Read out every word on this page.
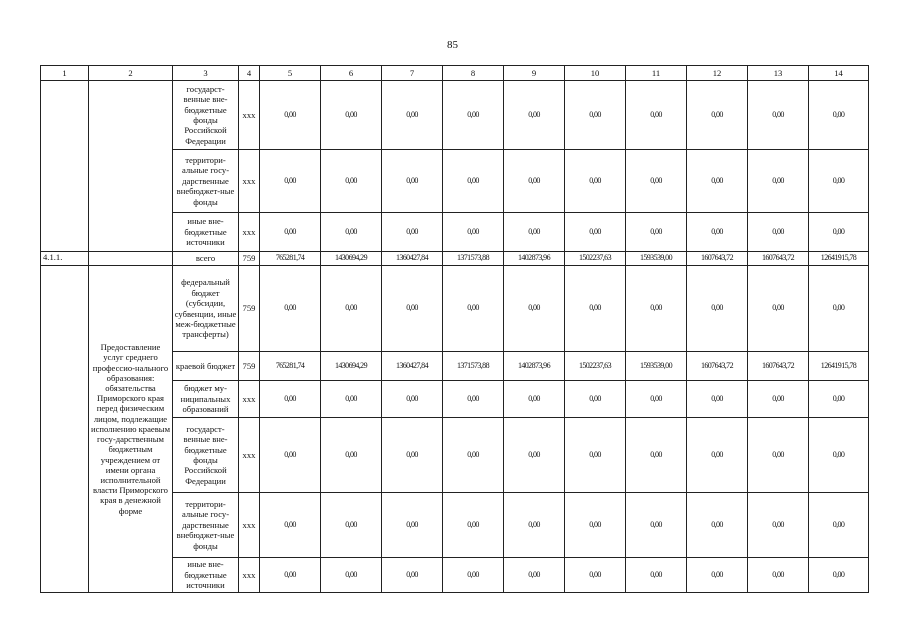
85
1	2	3	4	5	6	7	8	9	10	11	12	13	14
		государст-венные вне-бюджетные фонды Российской Федерации	ххх	0,00	0,00	0,00	0,00	0,00	0,00	0,00	0,00	0,00	0,00
		территори-альные госу-дарственные внебюджет-ные фонды	ххх	0,00	0,00	0,00	0,00	0,00	0,00	0,00	0,00	0,00	0,00
		иные вне-бюджетные источники	ххх	0,00	0,00	0,00	0,00	0,00	0,00	0,00	0,00	0,00	0,00
4.1.1.		всего	759	765281,74	1430694,29	1360427,84	1371573,88	1402873,96	1502237,63	1593539,00	1607643,72	1607643,72	12641915,78
	Предоставление услуг среднего профессио-нального образования: обязательства Приморского края перед физическим лицом, подлежащие исполнению краевым госу-дарственным бюджетным учреждением от имени органа исполнительной власти Приморского края в денежной форме	федеральный бюджет (субсидии, субвенции, иные меж-бюджетные трансферты)	759	0,00	0,00	0,00	0,00	0,00	0,00	0,00	0,00	0,00	0,00
		краевой бюджет	759	765281,74	1430694,29	1360427,84	1371573,88	1402873,96	1502237,63	1593539,00	1607643,72	1607643,72	12641915,78
		бюджет му-ниципальных образований	ххх	0,00	0,00	0,00	0,00	0,00	0,00	0,00	0,00	0,00	0,00
		государст-венные вне-бюджетные фонды Российской Федерации	ххх	0,00	0,00	0,00	0,00	0,00	0,00	0,00	0,00	0,00	0,00
		территори-альные госу-дарственные внебюджет-ные фонды	ххх	0,00	0,00	0,00	0,00	0,00	0,00	0,00	0,00	0,00	0,00
		иные вне-бюджетные источники	ххх	0,00	0,00	0,00	0,00	0,00	0,00	0,00	0,00	0,00	0,00
